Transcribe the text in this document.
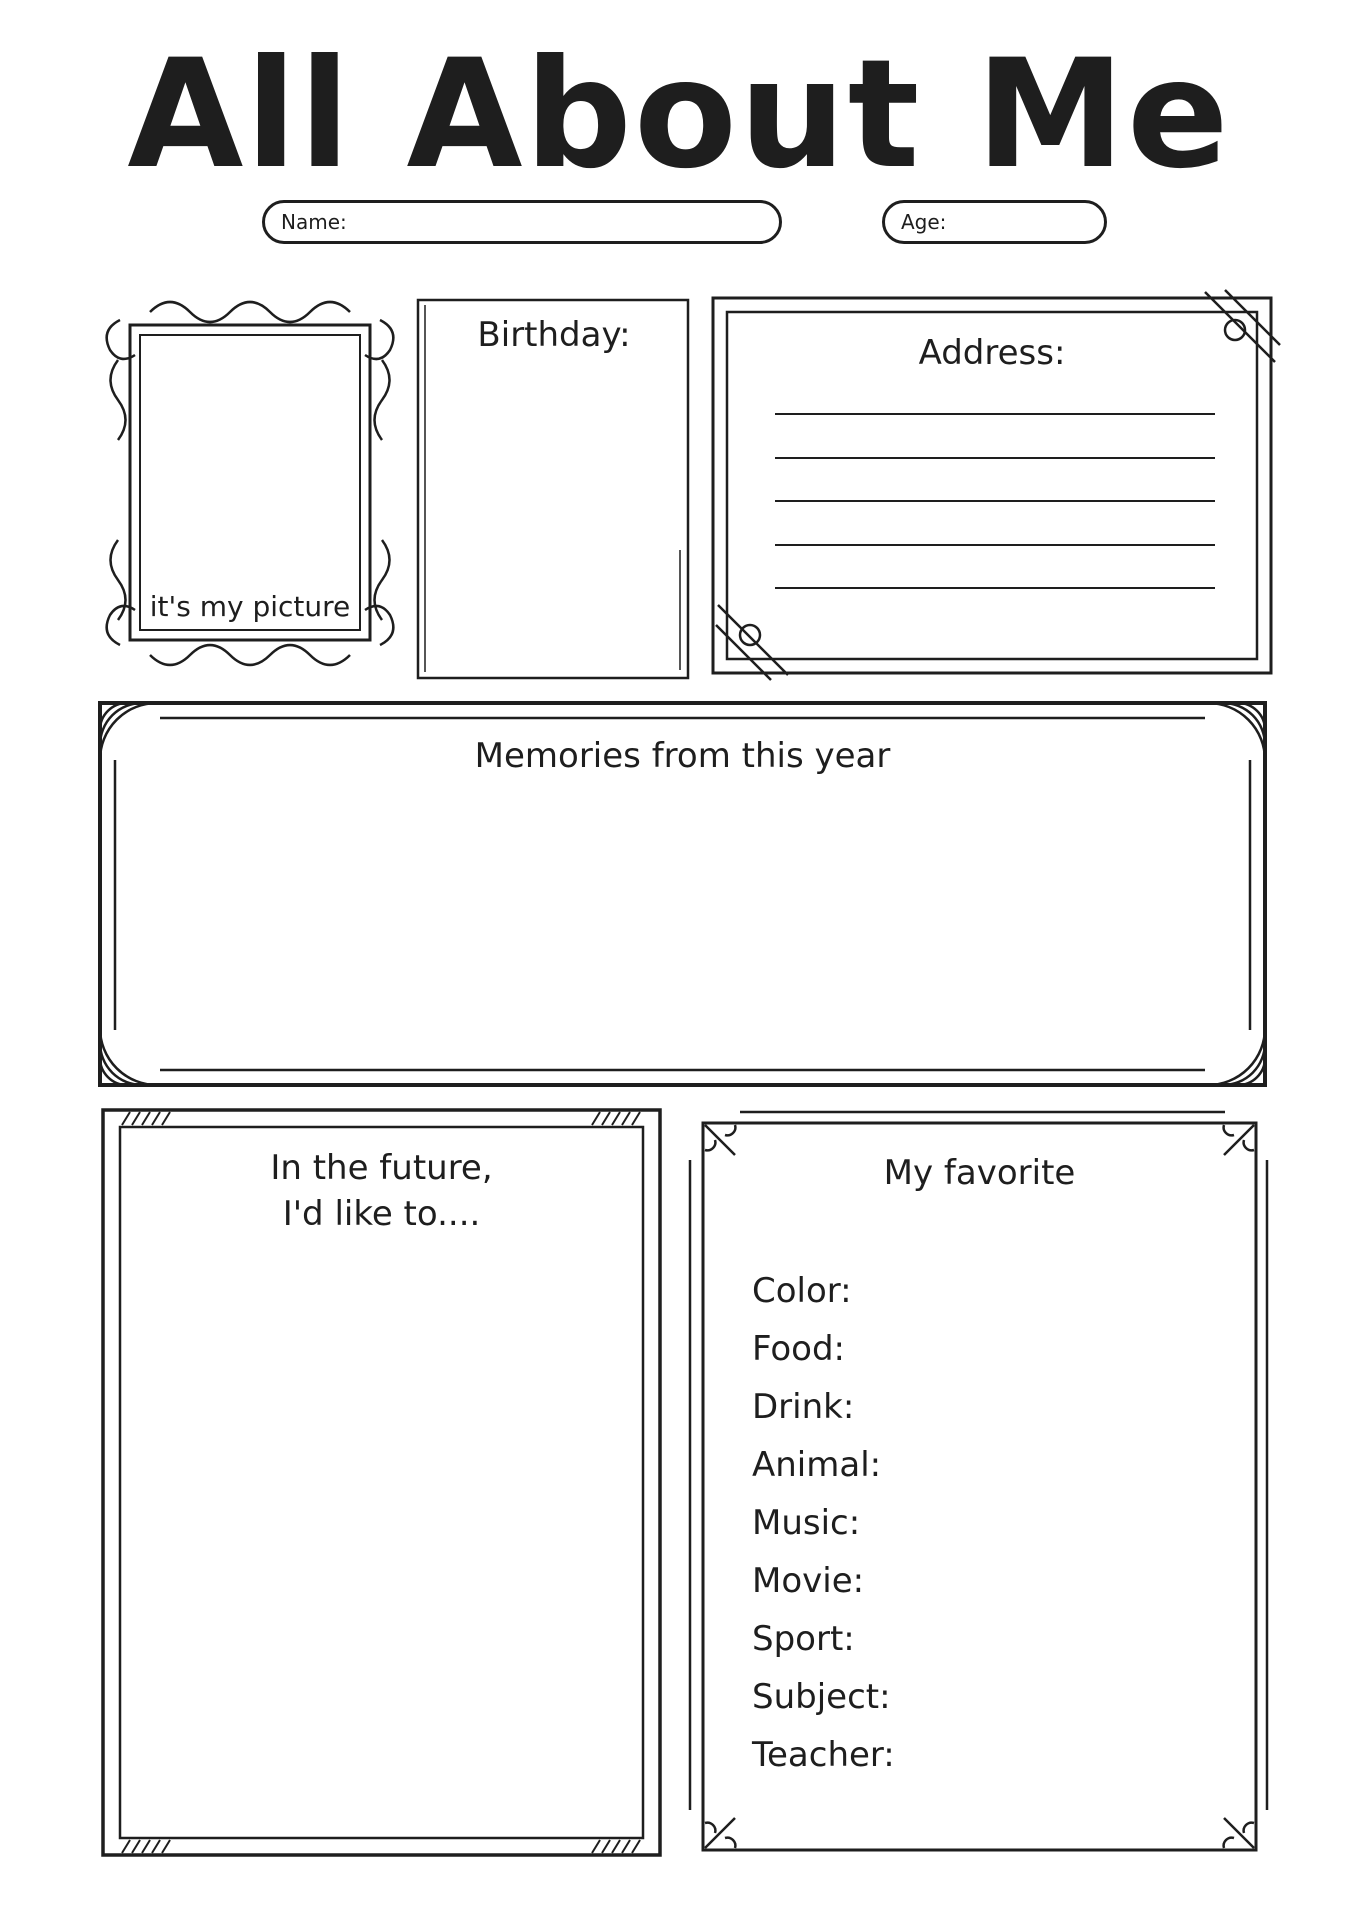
All About Me
Name:	Age:
it's my picture
Birthday:	Address:
Memories from this year
In the future,
I'd like to....
My favorite
Color:
Food:
Drink:
Animal:
Music:
Movie:
Sport:
Subject:
Teacher:
